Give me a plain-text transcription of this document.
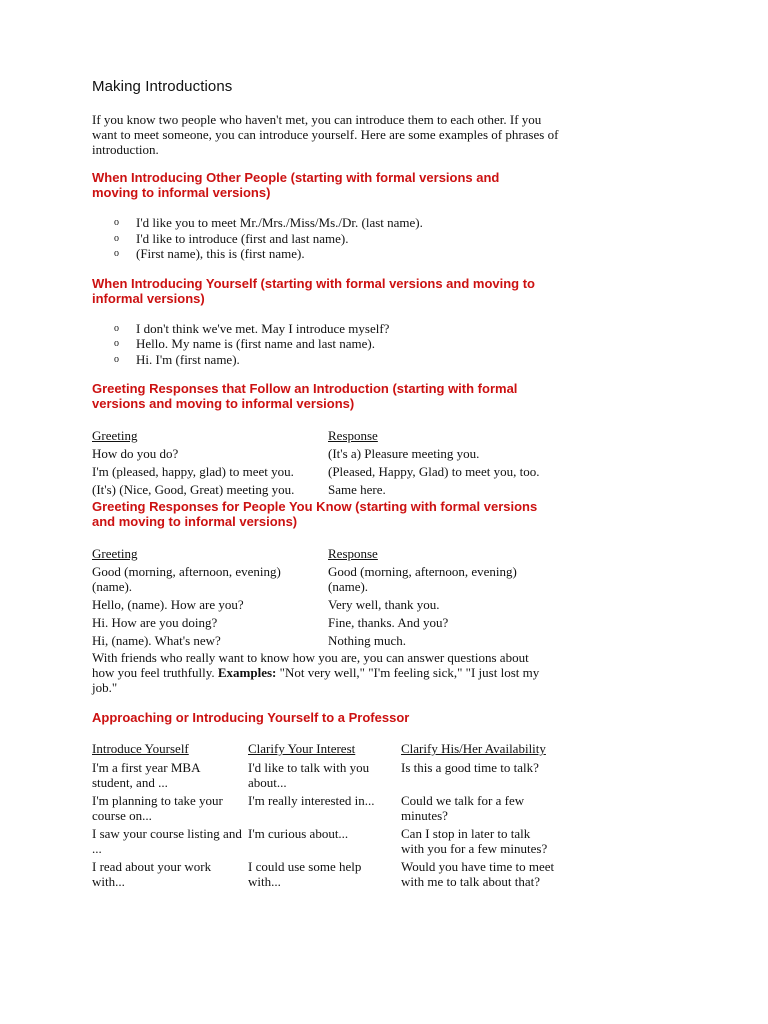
Making Introductions

If you know two people who haven't met, you can introduce them to each other. If you want to meet someone, you can introduce yourself. Here are some examples of phrases of introduction.

When Introducing Other People (starting with formal versions and moving to informal versions)
o I'd like you to meet Mr./Mrs./Miss/Ms./Dr. (last name).
o I'd like to introduce (first and last name).
o (First name), this is (first name).
When Introducing Yourself (starting with formal versions and moving to informal versions)
o I don't think we've met. May I introduce myself?
o Hello. My name is (first name and last name).
o Hi. I'm (first name).
Greeting Responses that Follow an Introduction (starting with formal versions and moving to informal versions)
Greeting	Response
How do you do?	(It's a) Pleasure meeting you.
I'm (pleased, happy, glad) to meet you.	(Pleased, Happy, Glad) to meet you, too.
(It's) (Nice, Good, Great) meeting you.	Same here.
Greeting Responses for People You Know (starting with formal versions and moving to informal versions)
Greeting	Response
Good (morning, afternoon, evening) (name).	Good (morning, afternoon, evening) (name).
Hello, (name). How are you?	Very well, thank you.
Hi. How are you doing?	Fine, thanks. And you?
Hi, (name). What's new?	Nothing much.

With friends who really want to know how you are, you can answer questions about how you feel truthfully. Examples: "Not very well," "I'm feeling sick," "I just lost my job."

Approaching or Introducing Yourself to a Professor
Introduce Yourself	Clarify Your Interest	Clarify His/Her Availability
I'm a first year MBA student, and ...	I'd like to talk with you about...	Is this a good time to talk?
I'm planning to take your course on...	I'm really interested in...	Could we talk for a few minutes?
I saw your course listing and ...	I'm curious about...	Can I stop in later to talk with you for a few minutes?
I read about your work with...	I could use some help with...	Would you have time to meet with me to talk about that?
